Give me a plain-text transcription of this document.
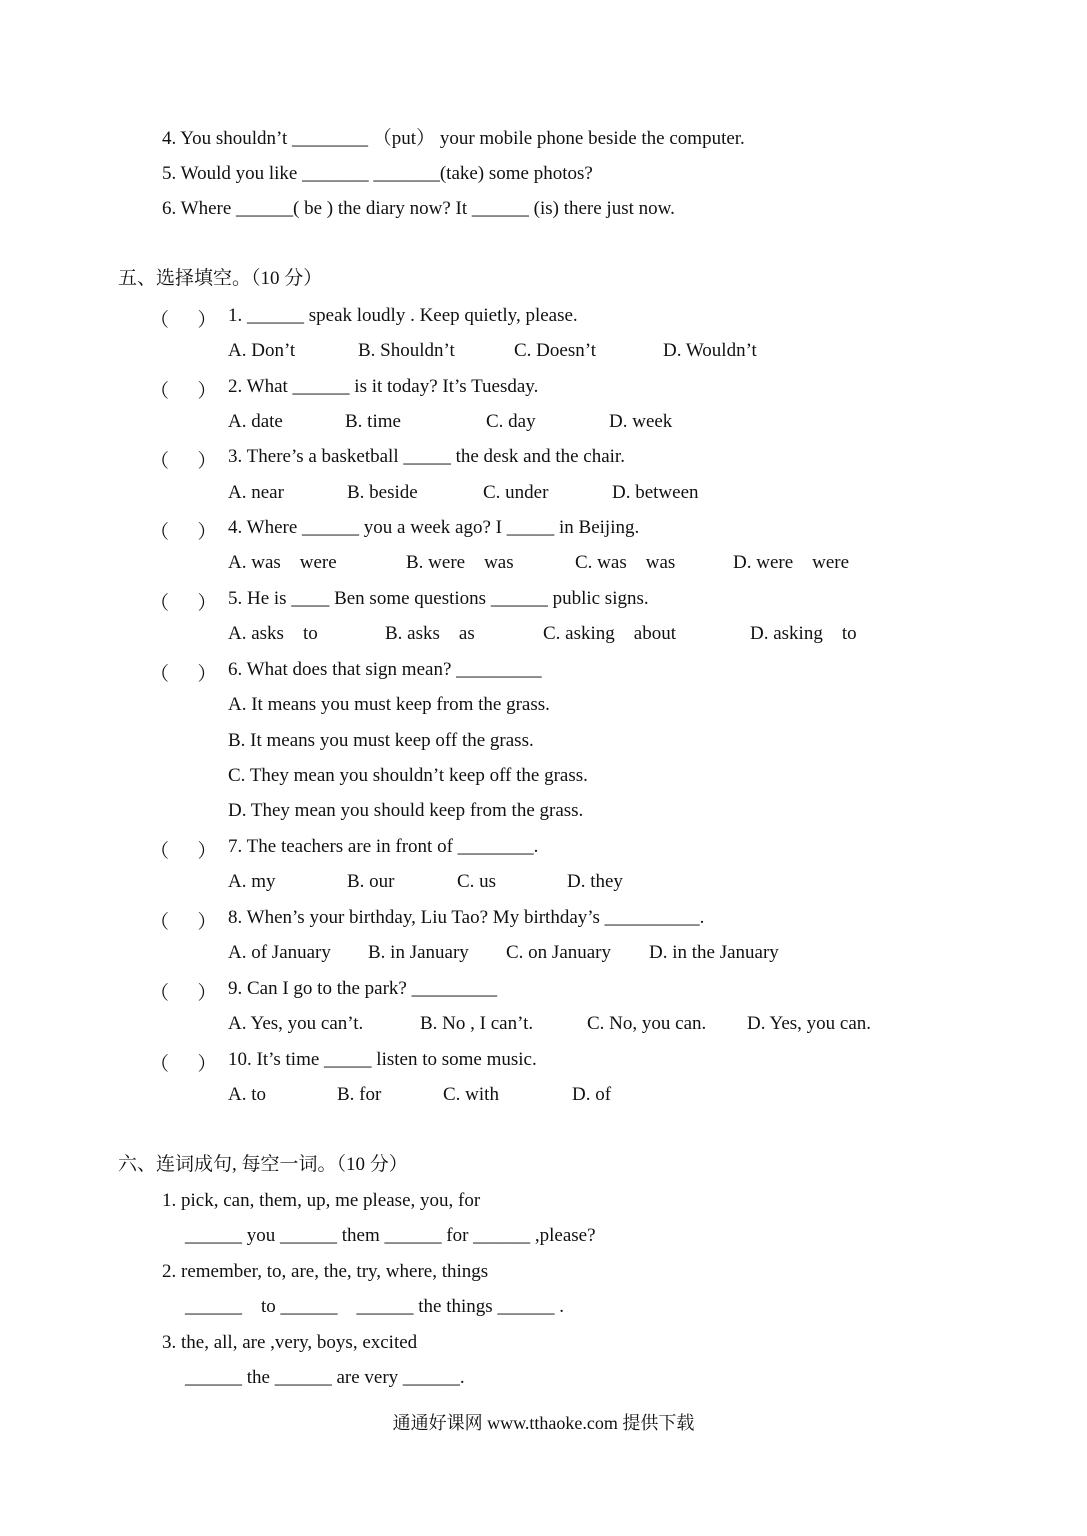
4. You shouldn’t ________ （put） your mobile phone beside the computer.
5. Would you like _______ _______(take) some photos?
6. Where ______( be ) the diary now? It ______ (is) there just now.
五、选择填空。（10 分）
（      ） 1. ______ speak loudly . Keep quietly, please.
A. Don’t	B. Shouldn’t	C. Doesn’t	D. Wouldn’t
（      ） 2. What ______ is it today? It’s Tuesday.
A. date	B. time	C. day	D. week
（      ） 3. There’s a basketball _____ the desk and the chair.
A. near	B. beside	C. under	D. between
（      ） 4. Where ______ you a week ago? I _____ in Beijing.
A. was    were	B. were    was	C. was    was	D. were    were
（      ） 5. He is ____ Ben some questions ______ public signs.
A. asks    to	B. asks    as	C. asking    about	D. asking    to
（      ） 6. What does that sign mean? _________
A. It means you must keep from the grass.
B. It means you must keep off the grass.
C. They mean you shouldn’t keep off the grass.
D. They mean you should keep from the grass.
（      ） 7. The teachers are in front of ________.
A. my	B. our	C. us	D. they
（      ） 8. When’s your birthday, Liu Tao? My birthday’s __________.
A. of January B. in January C. on January D. in the January
（      ） 9. Can I go to the park? _________
A. Yes, you can’t.	B. No , I can’t.	C. No, you can. D. Yes, you can.
（      ） 10. It’s time _____ listen to some music.
A. to	B. for	C. with	D. of
六、连词成句, 每空一词。（10 分）
1. pick, can, them, up, me please, you, for
______ you ______ them ______ for ______ ,please?
2. remember, to, are, the, try, where, things
______    to ______    ______ the things ______ .
3. the, all, are ,very, boys, excited
______ the ______ are very ______.
通通好课网 www.tthaoke.com 提供下载
